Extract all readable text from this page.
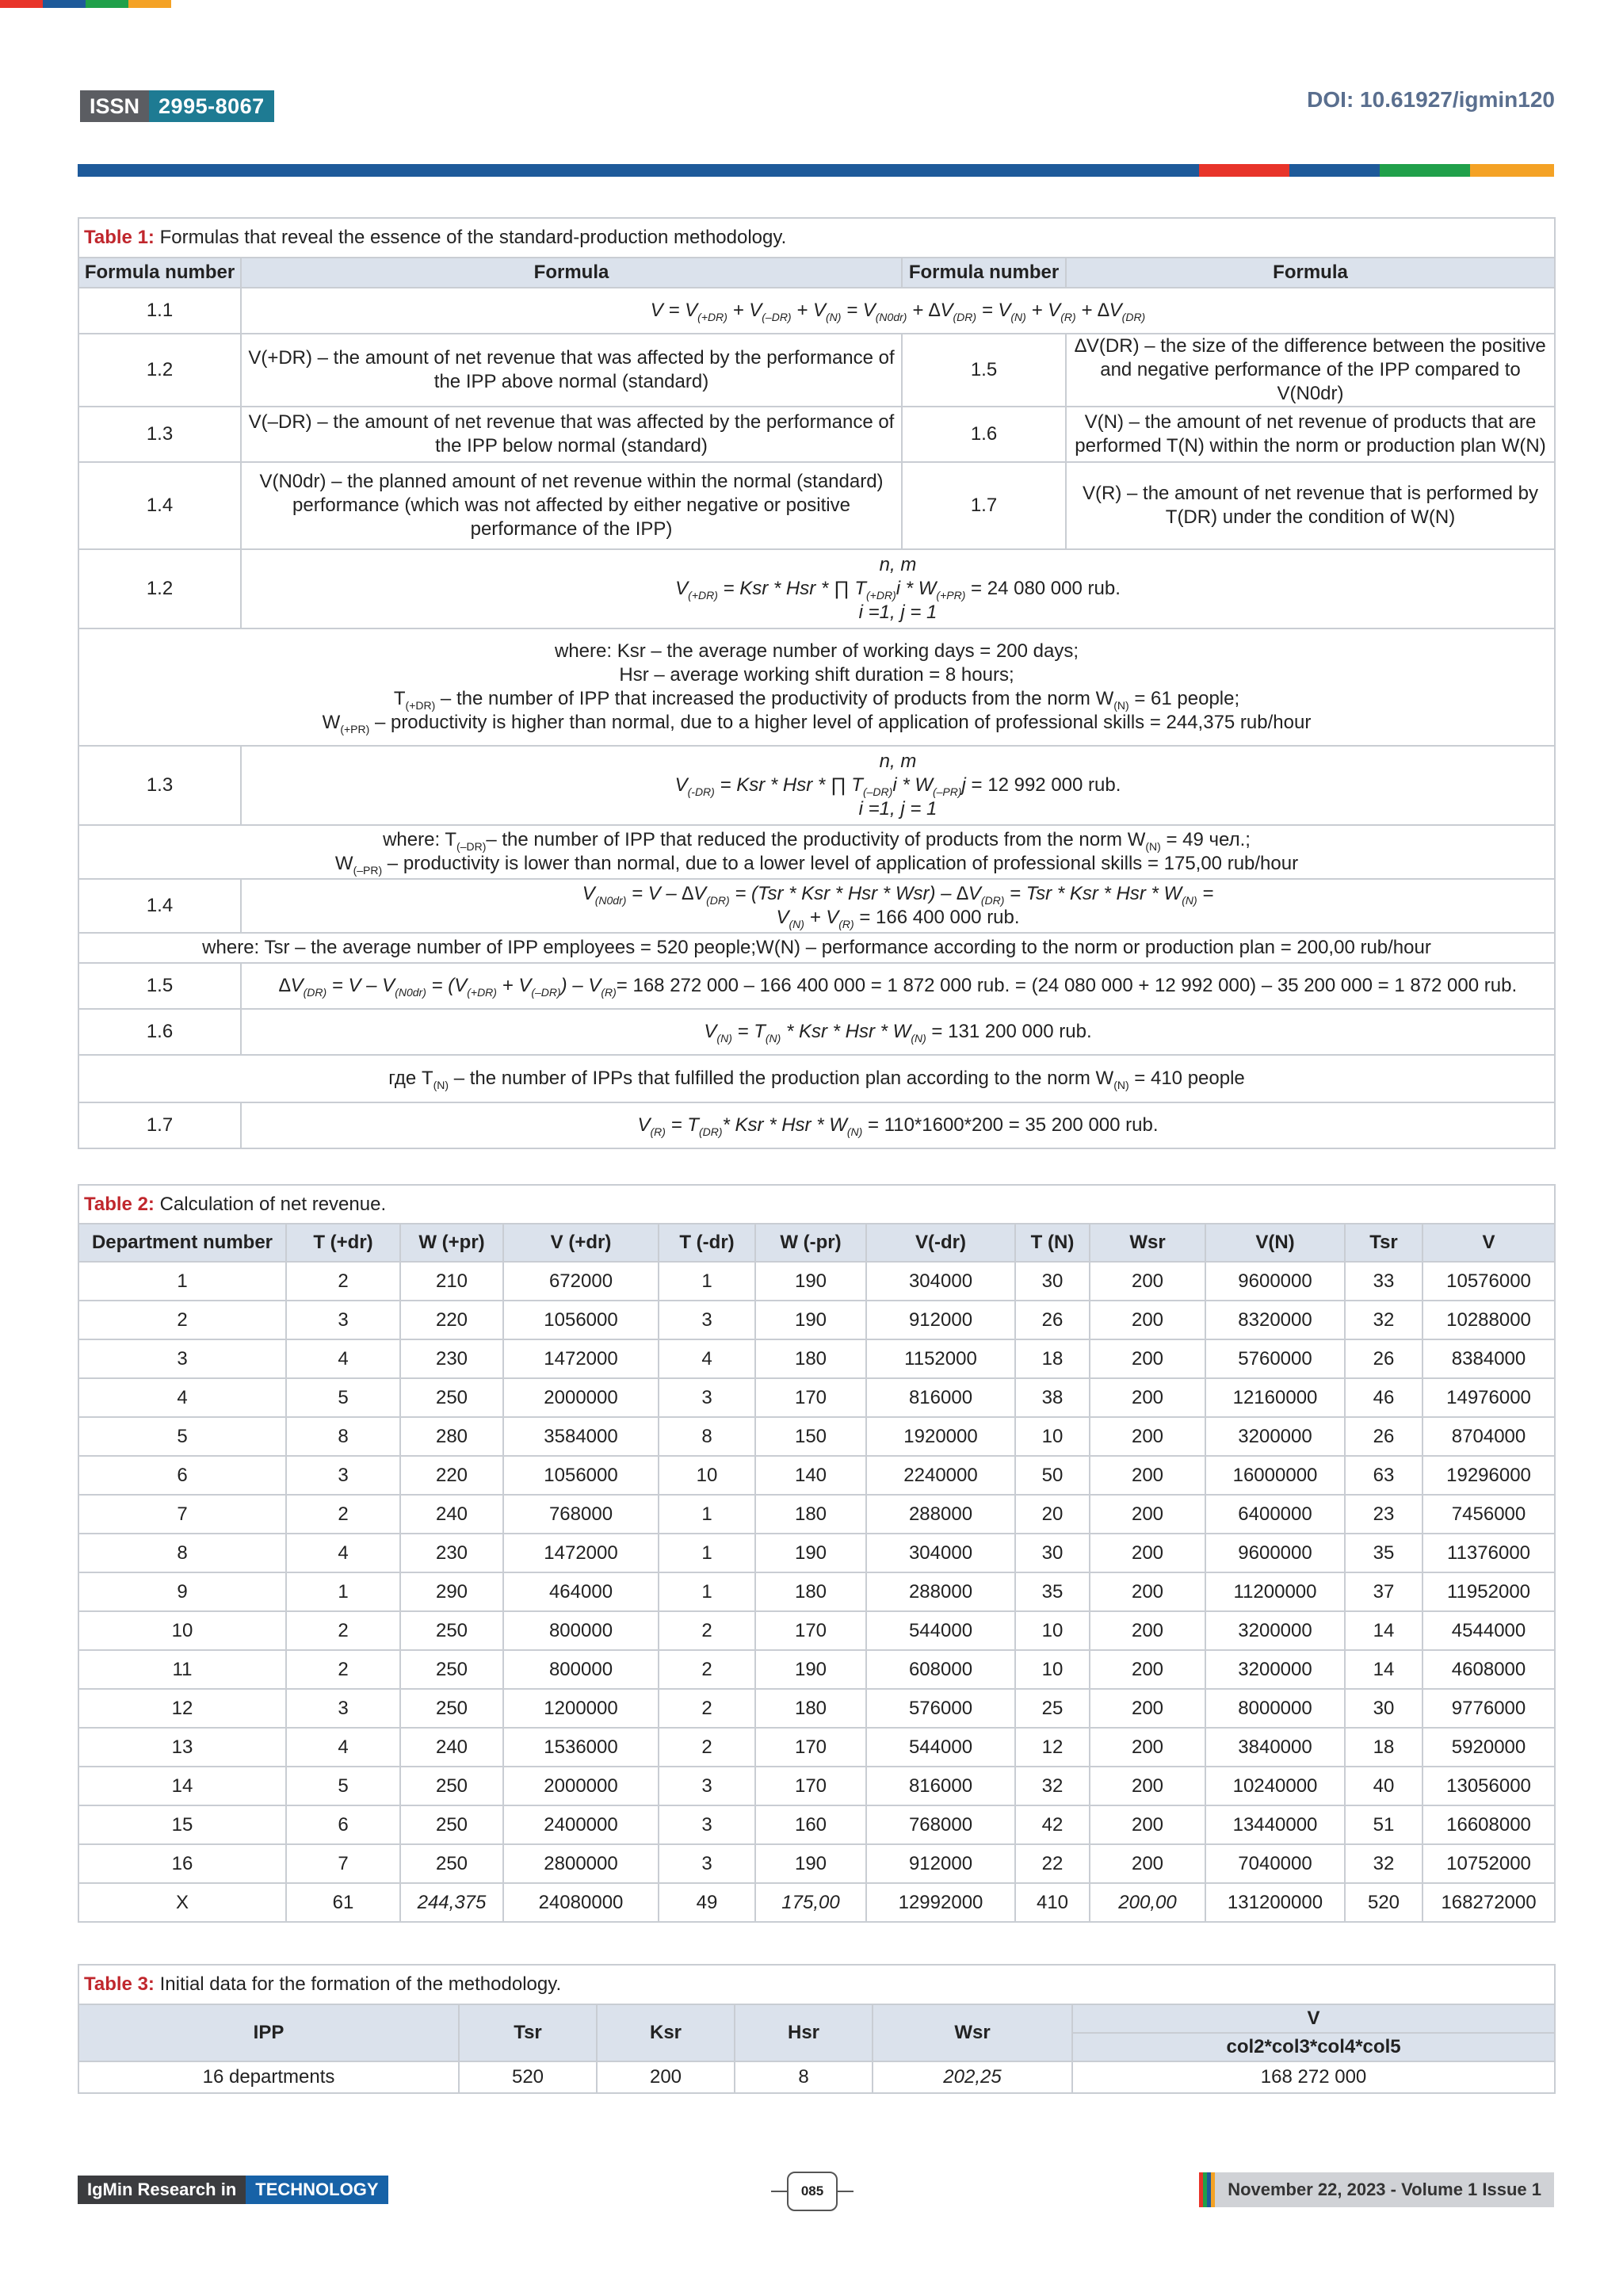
ISSN 2995-8067	DOI: 10.61927/igmin120
Table 1: Formulas that reveal the essence of the standard-production methodology.			
Formula number	Formula	Formula number	Formula
1.1	$V = V_{(+DR)} + V_{(-DR)} + V_{(N)} = V_{(N0dr)} + \Delta V_{(DR)} = V_{(N)} + V_{(R)} + \Delta V_{(DR)}$
1.2	V(+DR) – the amount of net revenue that was affected by the performance of the IPP above normal (standard)	1.5	∆V(DR) – the size of the difference between the positive and negative performance of the IPP compared to V(N0dr)
1.3	V(–DR) – the amount of net revenue that was affected by the performance of the IPP below normal (standard)	1.6	V(N) – the amount of net revenue of products that are performed T(N) within the norm or production plan W(N)
1.4	V(N0dr) – the planned amount of net revenue within the normal (standard) performance (which was not affected by either negative or positive performance of the IPP)	1.7	V(R) – the amount of net revenue that is performed by T(DR) under the condition of W(N)
1.2	n, m
$V_{(+DR)}$ = Ksr * Hsr * ∏ $T_{(+DR)}i * W_{(+PR)} = 24$ 080 000 rub.
i =1, j = 1		

where: Ksr – the average number of working days = 200 days;
Hsr – average working shift duration = 8 hours;
$T_{(+DR)}$ – the number of IPP that increased the productivity of products from the norm $W_{(N)} = 61$ people;
$W_{(+PR)}$ – productivity is higher than normal, due to a higher level of application of professional skills = 244,375 rub/hour			

1.3	n, m
$V_{(-DR)}$ = Ksr * Hsr * ∏ $T_{(-DR)}i * W_{(-PR)}j = 12$ 992 000 rub.
i =1, j = 1		

where: $T_{(-DR)}-$ the number of IPP that reduced the productivity of products from the norm $W_{(N)} = 49$ чел.;
$W_{(-PR)}$ – productivity is lower than normal, due to a lower level of application of professional skills = 175,00 rub/hour			

1.4	$V_{(N0dr)} = V - \Delta V_{(DR)} = (Tsr$ * Ksr * Hsr * $Wsr) - \Delta V_{(DR)}$ = Tsr * Ksr * Hsr * $W_{(N)}$ =
$V_{(N)} + V_{(R)} = 166$ 400 000 rub.		

where: Tsr – the average number of IPP employees = 520 people;W(N) – performance according to the norm or production plan = 200,00 rub/hour			
1.5	$\Delta V_{(DR)} = V - V_{(N0dr)} = (V_{(+DR)} + V_{(-DR)}) - V_{(R)}= 168$ 272 000 – 166 400 000 = 1 872 000 rub. = (24 080 000 + 12 992 000) – 35 200 000 = 1 872 000 rub.		
1.6	$V_{(N)} = T_{(N)}$ * Ksr * Hsr * $W_{(N)} = 131$ 200 000 rub.		
где $T_{(N)}$ – the number of IPPs that fulfilled the production plan according to the norm $W_{(N)} = 410$ people			
1.7	$V_{(R)} = T_{(DR)}*$ Ksr * Hsr * $W_{(N)} = 110*1600*200 = 35$ 200 000 rub.		
Table 2: Calculation of net revenue.											
Department number	T (+dr)	W (+pr)	V (+dr)	T (-dr)	W (-pr)	V(-dr)	T (N)	Wsr	V(N)	Tsr	V
1	2	210	672000	1	190	304000	30	200	9600000	33	10576000
2	3	220	1056000	3	190	912000	26	200	8320000	32	10288000
3	4	230	1472000	4	180	1152000	18	200	5760000	26	8384000
4	5	250	2000000	3	170	816000	38	200	12160000	46	14976000
5	8	280	3584000	8	150	1920000	10	200	3200000	26	8704000
6	3	220	1056000	10	140	2240000	50	200	16000000	63	19296000
7	2	240	768000	1	180	288000	20	200	6400000	23	7456000
8	4	230	1472000	1	190	304000	30	200	9600000	35	11376000
9	1	290	464000	1	180	288000	35	200	11200000	37	11952000
10	2	250	800000	2	170	544000	10	200	3200000	14	4544000
11	2	250	800000	2	190	608000	10	200	3200000	14	4608000
12	3	250	1200000	2	180	576000	25	200	8000000	30	9776000
13	4	240	1536000	2	170	544000	12	200	3840000	18	5920000
14	5	250	2000000	3	170	816000	32	200	10240000	40	13056000
15	6	250	2400000	3	160	768000	42	200	13440000	51	16608000
16	7	250	2800000	3	190	912000	22	200	7040000	32	10752000
X	61	244,375	24080000	49	175,00	12992000	410	200,00	131200000	520	168272000
Table 3: Initial data for the formation of the methodology.					
IPP	Tsr	Ksr	Hsr	Wsr	V
					col2*col3*col4*col5
16 departments	520	200	8	202,25	168 272 000
IgMin Research in	TECHNOLOGY	085	November 22, 2023 - Volume 1 Issue 1
